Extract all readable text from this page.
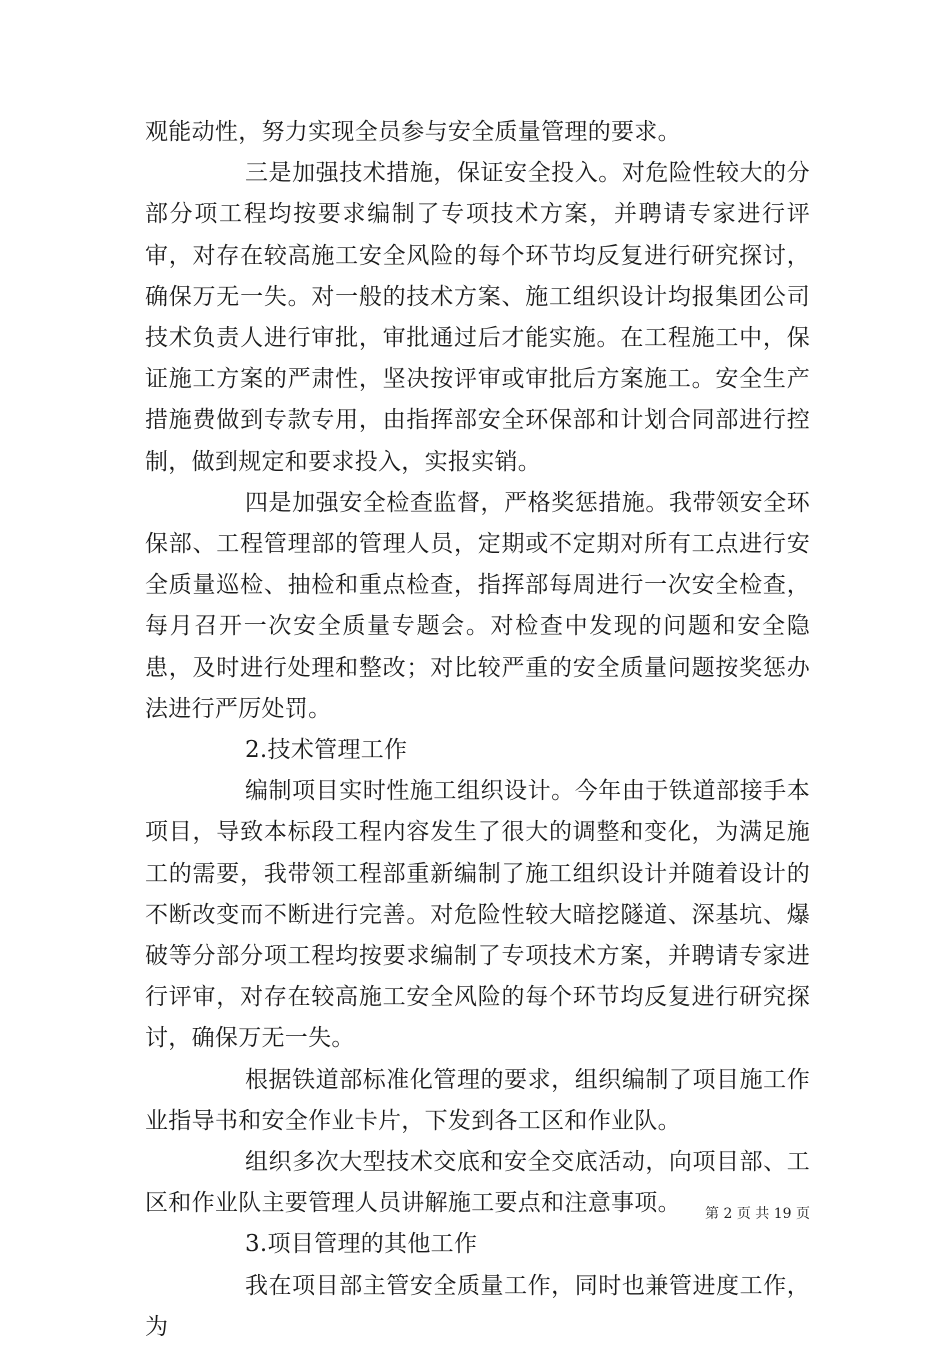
观能动性，努力实现全员参与安全质量管理的要求。

三是加强技术措施，保证安全投入。对危险性较大的分部分项工程均按要求编制了专项技术方案，并聘请专家进行评审，对存在较高施工安全风险的每个环节均反复进行研究探讨，确保万无一失。对一般的技术方案、施工组织设计均报集团公司技术负责人进行审批，审批通过后才能实施。在工程施工中，保证施工方案的严肃性，坚决按评审或审批后方案施工。安全生产措施费做到专款专用，由指挥部安全环保部和计划合同部进行控制，做到规定和要求投入，实报实销。

四是加强安全检查监督，严格奖惩措施。我带领安全环保部、工程管理部的管理人员，定期或不定期对所有工点进行安全质量巡检、抽检和重点检查，指挥部每周进行一次安全检查，每月召开一次安全质量专题会。对检查中发现的问题和安全隐患，及时进行处理和整改；对比较严重的安全质量问题按奖惩办法进行严厉处罚。

2.技术管理工作

编制项目实时性施工组织设计。今年由于铁道部接手本项目，导致本标段工程内容发生了很大的调整和变化，为满足施工的需要，我带领工程部重新编制了施工组织设计并随着设计的不断改变而不断进行完善。对危险性较大暗挖隧道、深基坑、爆破等分部分项工程均按要求编制了专项技术方案，并聘请专家进行评审，对存在较高施工安全风险的每个环节均反复进行研究探讨，确保万无一失。

根据铁道部标准化管理的要求，组织编制了项目施工作业指导书和安全作业卡片，下发到各工区和作业队。

组织多次大型技术交底和安全交底活动，向项目部、工区和作业队主要管理人员讲解施工要点和注意事项。

3.项目管理的其他工作

我在项目部主管安全质量工作，同时也兼管进度工作，为

第 2 页 共 19 页
